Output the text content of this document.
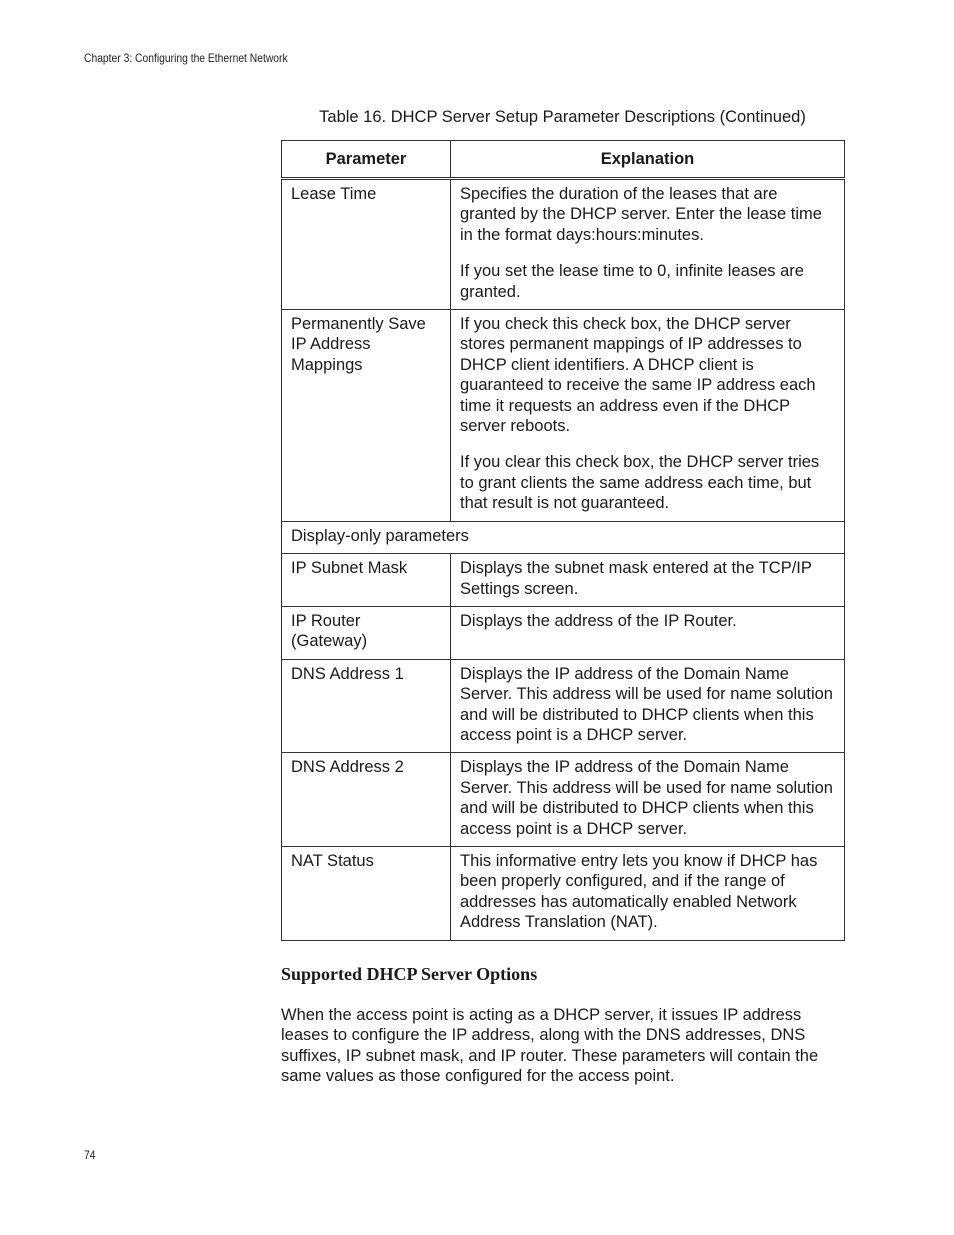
Chapter 3: Configuring the Ethernet Network
Table 16. DHCP Server Setup Parameter Descriptions (Continued)
Parameter	Explanation
Lease Time	Specifies the duration of the leases that are granted by the DHCP server. Enter the lease time in the format days:hours:minutes.

If you set the lease time to 0, infinite leases are granted.

Permanently Save IP Address Mappings	If you check this check box, the DHCP server stores permanent mappings of IP addresses to DHCP client identifiers. A DHCP client is guaranteed to receive the same IP address each time it requests an address even if the DHCP server reboots.

If you clear this check box, the DHCP server tries to grant clients the same address each time, but that result is not guaranteed.

Display-only parameters	
IP Subnet Mask	Displays the subnet mask entered at the TCP/IP Settings screen.

IP Router (Gateway)	Displays the address of the IP Router.

DNS Address 1	Displays the IP address of the Domain Name Server. This address will be used for name solution and will be distributed to DHCP clients when this access point is a DHCP server.

DNS Address 2	Displays the IP address of the Domain Name Server. This address will be used for name solution and will be distributed to DHCP clients when this access point is a DHCP server.

NAT Status	This informative entry lets you know if DHCP has been properly configured, and if the range of addresses has automatically enabled Network Address Translation (NAT).

Supported DHCP Server Options

When the access point is acting as a DHCP server, it issues IP address leases to configure the IP address, along with the DNS addresses, DNS suffixes, IP subnet mask, and IP router. These parameters will contain the same values as those configured for the access point.

74
